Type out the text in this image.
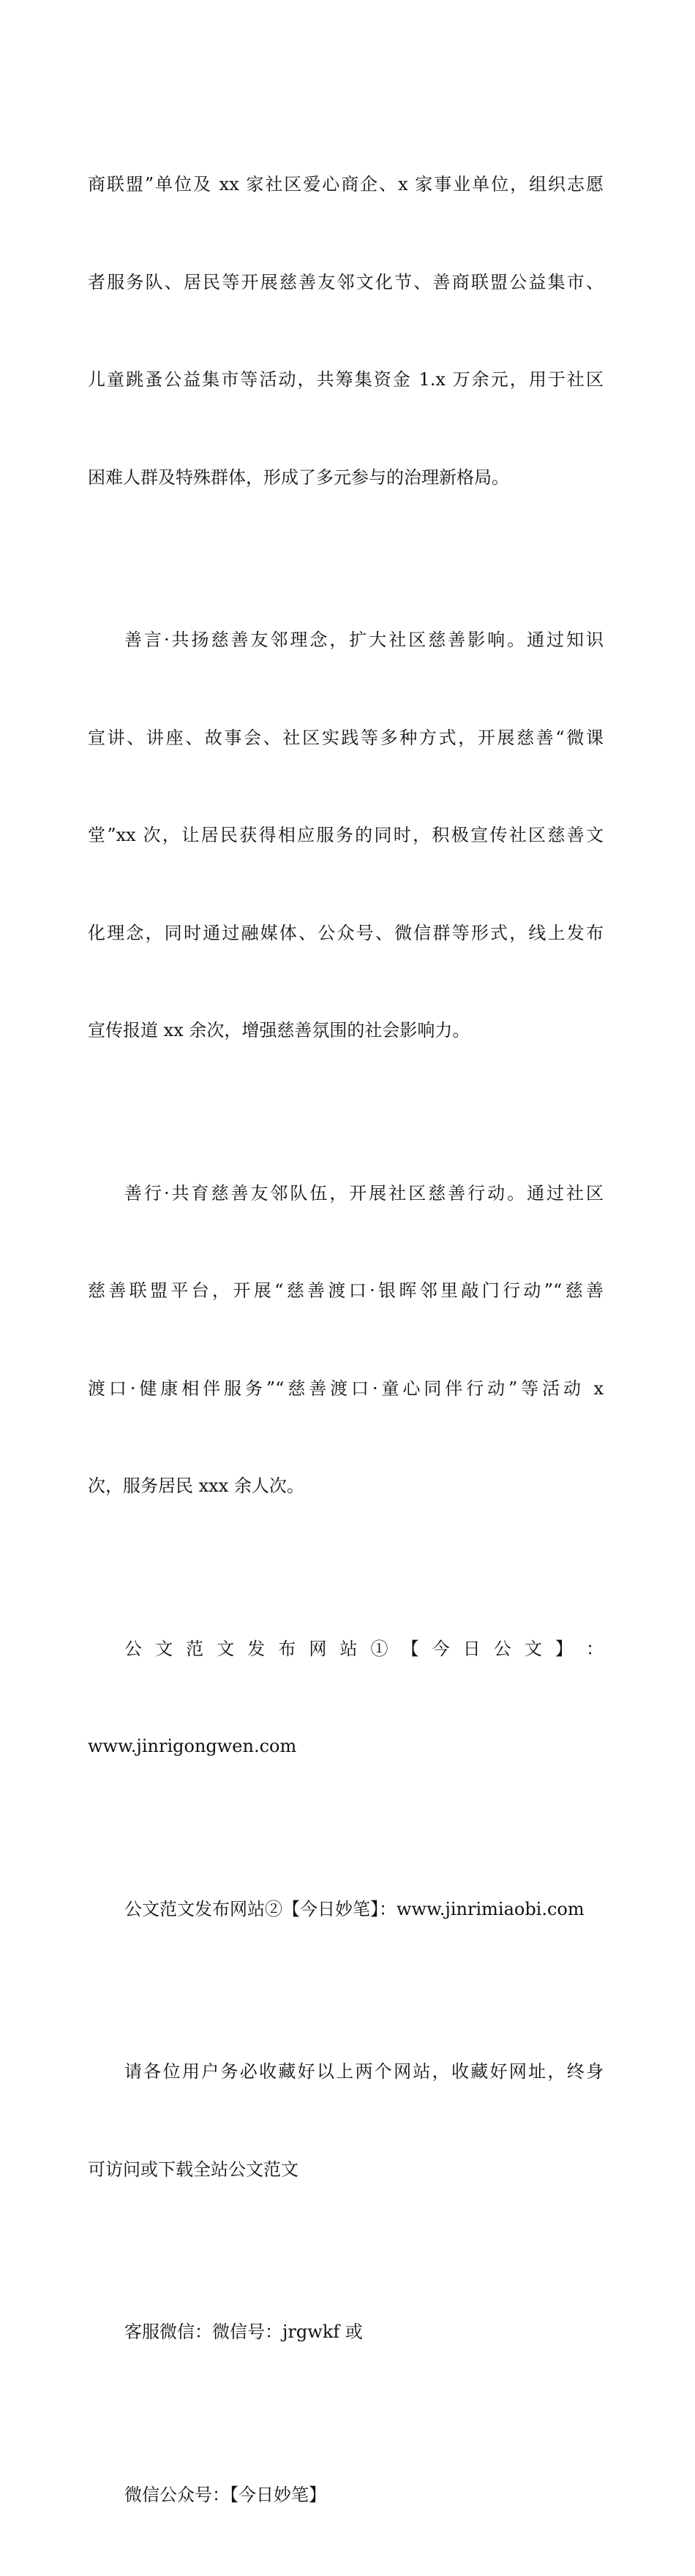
商联盟”单位及 xx 家社区爱心商企、x 家事业单位，组织志愿

者服务队、居民等开展慈善友邻文化节、善商联盟公益集市、

儿童跳蚤公益集市等活动，共筹集资金 1.x 万余元，用于社区

困难人群及特殊群体，形成了多元参与的治理新格局。

善言·共扬慈善友邻理念，扩大社区慈善影响。通过知识

宣讲、讲座、故事会、社区实践等多种方式，开展慈善“微课

堂”xx 次，让居民获得相应服务的同时，积极宣传社区慈善文

化理念，同时通过融媒体、公众号、微信群等形式，线上发布

宣传报道 xx 余次，增强慈善氛围的社会影响力。

善行·共育慈善友邻队伍，开展社区慈善行动。通过社区

慈善联盟平台，开展“慈善渡口·银晖邻里敲门行动”“慈善

渡口·健康相伴服务”“慈善渡口·童心同伴行动”等活动 x

次，服务居民 xxx 余人次。

公 文 范 文 发 布 网 站 ① 【 今 日 公 文 】 ：

www.jinrigongwen.com

公文范文发布网站②【今日妙笔】：www.jinrimiaobi.com

请各位用户务必收藏好以上两个网站，收藏好网址，终身

可访问或下载全站公文范文

客服微信：微信号：jrgwkf 或

微信公众号：【今日妙笔】
